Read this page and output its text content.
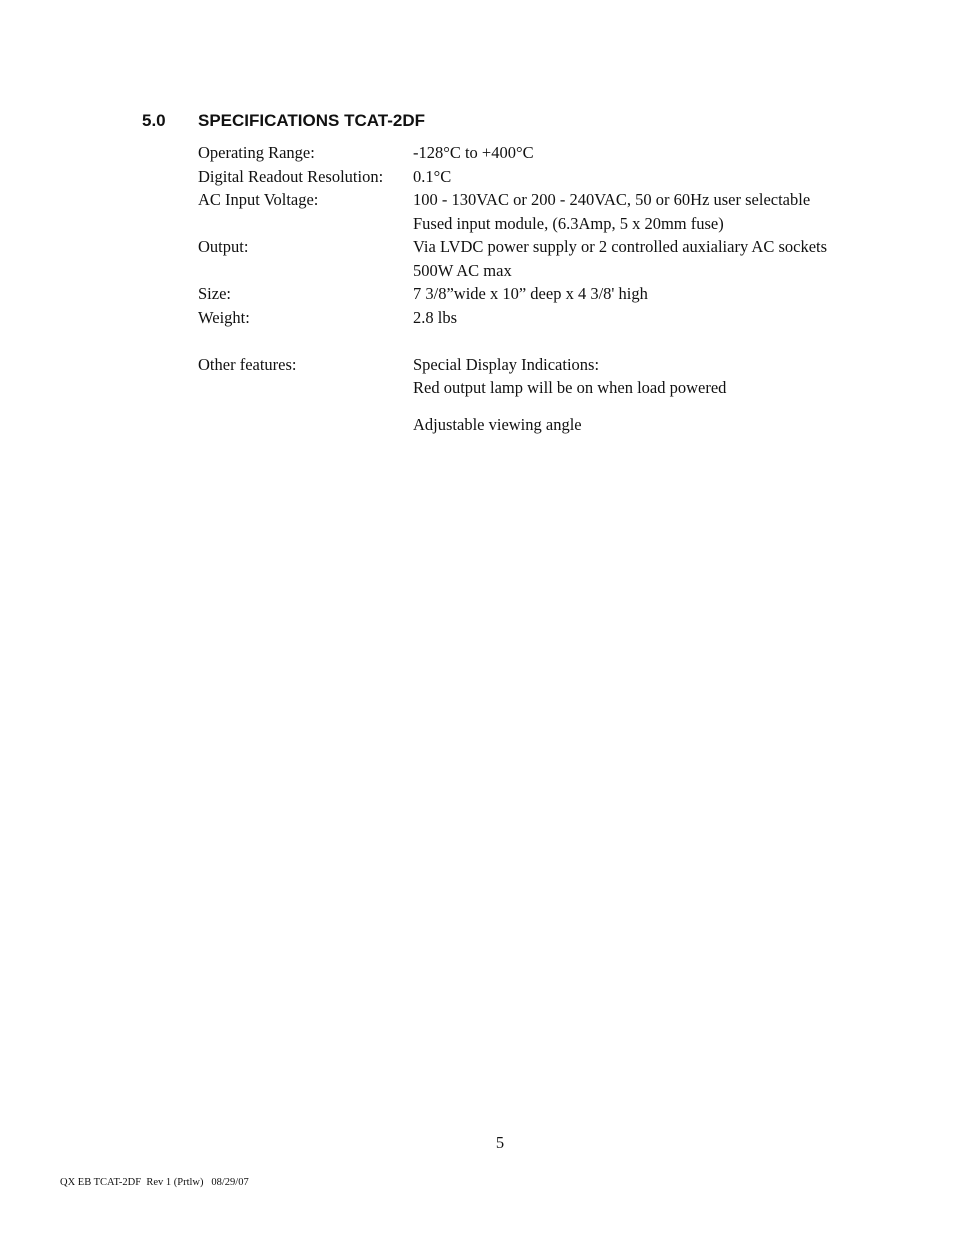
5.0 SPECIFICATIONS TCAT-2DF
Operating Range:	-128°C to +400°C
Digital Readout Resolution:	0.1°C
AC Input Voltage:	100 - 130VAC or 200 - 240VAC, 50 or 60Hz user selectable
Fused input module, (6.3Amp, 5 x 20mm fuse)
Output:	Via LVDC power supply or 2 controlled auxialiary AC sockets
500W AC max
Size:	7 3/8”wide x 10” deep x 4 3/8' high
Weight:	2.8 lbs
Other features:	Special Display Indications:
Red output lamp will be on when load powered
Adjustable viewing angle
5
QX EB TCAT-2DF  Rev 1 (Prtlw)   08/29/07
